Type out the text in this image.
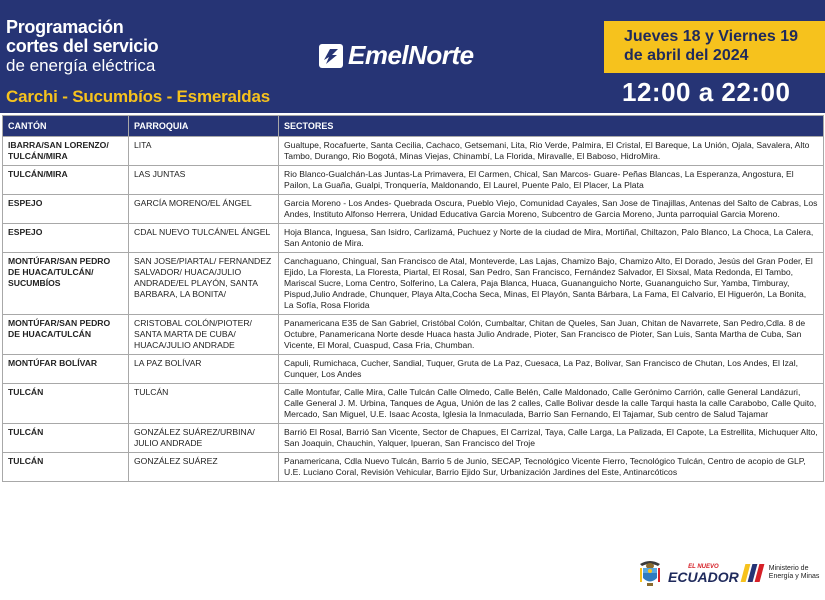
Programación
cortes del servicio
de energía eléctrica
Carchi - Sucumbíos - Esmeraldas
EmelNorte
Jueves 18 y Viernes 19 de abril del 2024
12:00 a 22:00
CANTÓN	PARROQUIA	SECTORES
IBARRA/SAN LORENZO/ TULCÁN/MIRA	LITA	Gualtupe, Rocafuerte, Santa Cecilia, Cachaco, Getsemani, Lita, Rio Verde, Palmira, El Cristal, El Bareque, La Unión, Ojala, Savalera, Alto Tambo, Durango, Rio Bogotá, Minas Viejas, Chinambí, La Florida, Miravalle, El Baboso, HidroMira.
TULCÁN/MIRA	LAS JUNTAS	Rio Blanco-Gualchán-Las Juntas-La Primavera, El Carmen, Chical, San Marcos- Guare- Peñas Blancas, La Esperanza, Angostura, El Pailon, La Guaña, Gualpi, Tronquería, Maldonando, El Laurel, Puente Palo, El Placer, La Plata
ESPEJO	GARCÍA MORENO/EL ÁNGEL	Garcia Moreno - Los Andes- Quebrada Oscura, Pueblo Viejo, Comunidad Cayales, San Jose de Tinajillas, Antenas del Salto de Cabras, Los Andes, Instituto Alfonso Herrera, Unidad Educativa Garcia Moreno, Subcentro de Garcia Moreno, Junta parroquial Garcia Moreno.
ESPEJO	CDAL NUEVO TULCÁN/EL ÁNGEL	Hoja Blanca, Inguesa, San Isidro, Carlizamá, Puchuez y Norte de la ciudad de Mira, Mortiñal, Chiltazon, Palo Blanco, La Choca, La Calera, San Antonio de Mira.
MONTÚFAR/SAN PEDRO DE HUACA/TULCÁN/ SUCUMBÍOS	SAN JOSE/PIARTAL/ FERNANDEZ SALVADOR/ HUACA/JULIO ANDRADE/EL PLAYÓN, SANTA BARBARA, LA BONITA/	Canchaguano, Chingual, San Francisco de Atal, Monteverde, Las Lajas, Chamizo Bajo, Chamizo Alto, El Dorado, Jesús del Gran Poder, El Ejido, La Floresta, La Floresta, Piartal, El Rosal, San Pedro, San Francisco, Fernández Salvador, El Sixsal, Mata Redonda, El Tambo, Mariscal Sucre, Loma Centro, Solferino, La Calera, Paja Blanca, Huaca, Guananguicho Norte, Guananguicho Sur, Yamba, Timburay, Pispud,Julio Andrade, Chunquer, Playa Alta,Cocha Seca, Minas, El Playón, Santa Bárbara, La Fama, El Calvario, El Higuerón, La Bonita, La Sofía, Rosa Florida
MONTÚFAR/SAN PEDRO DE HUACA/TULCÁN	CRISTOBAL COLÓN/PIOTER/ SANTA MARTA DE CUBA/ HUACA/JULIO ANDRADE	Panamericana E35 de San Gabriel, Cristóbal Colón, Cumbaltar, Chitan de Queles, San Juan, Chitan de Navarrete, San Pedro,Cdla. 8 de Octubre, Panamericana Norte desde Huaca hasta Julio Andrade, Pioter, San Francisco de Pioter, San Luis, Santa Martha de Cuba, San Vicente, El Moral, Cuaspud, Casa Fria, Chumban.
MONTÚFAR BOLÍVAR	LA PAZ BOLÍVAR	Capuli, Rumichaca, Cucher, Sandial, Tuquer, Gruta de La Paz, Cuesaca, La Paz, Bolivar, San Francisco de Chutan, Los Andes, El Izal, Cunquer, Los Andes
TULCÁN	TULCÁN	Calle Montufar, Calle Mira, Calle Tulcán Calle Olmedo, Calle Belén, Calle Maldonado, Calle Gerónimo Carrión, calle General Landázuri, Calle General J. M. Urbina, Tanques de Agua, Unión de las 2 calles, Calle Bolivar desde la calle Tarqui hasta la calle Carabobo, Calle Quito, Mercado, San Miguel, U.E. Isaac Acosta, Iglesia la Inmaculada, Barrio San Fernando, El Tajamar, Sub centro de Salud Tajamar
TULCÁN	GONZÁLEZ SUÁREZ/URBINA/ JULIO ANDRADE	Barrió El Rosal, Barrió San Vicente, Sector de Chapues, El Carrizal, Taya, Calle Larga, La Palizada, El Capote, La Estrellita, Michuquer Alto, San Joaquin, Chauchin, Yalquer, Ipueran, San Francisco del Troje
TULCÁN	GONZÁLEZ SUÁREZ	Panamericana, Cdla Nuevo Tulcán, Barrio 5 de Junio, SECAP, Tecnológico Vicente Fierro, Tecnológico Tulcán, Centro de acopio de GLP, U.E. Luciano Coral, Revisión Vehicular, Barrio Ejido Sur, Urbanización Jardines del Este, Antinarcóticos
EL NUEVO
ECUADOR	Ministerio de Energía y Minas
